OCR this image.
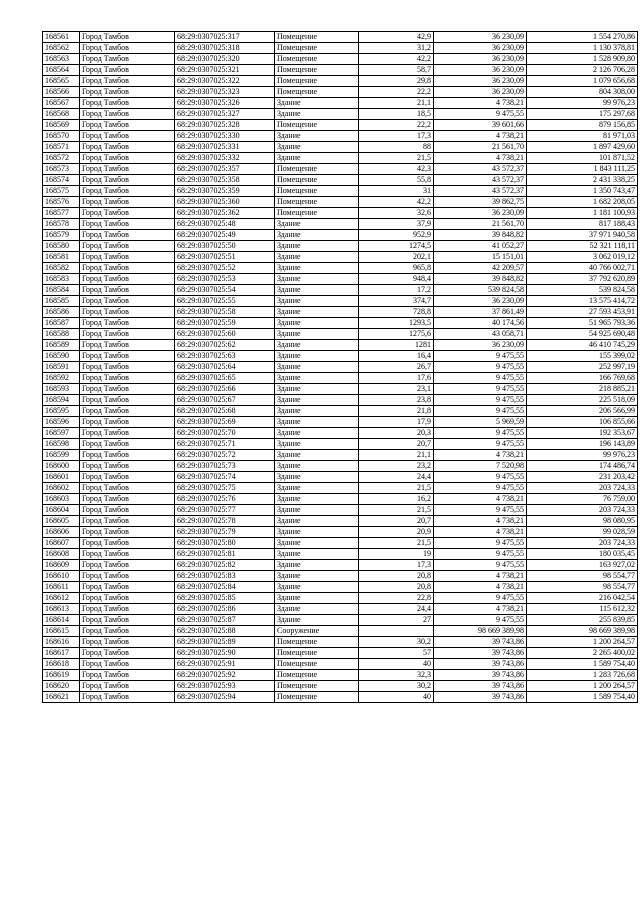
168561	Город Тамбов	68:29:0307025:317	Помещение	42,9	36 230,09	1 554 270,86
168562	Город Тамбов	68:29:0307025:318	Помещение	31,2	36 230,09	1 130 378,81
168563	Город Тамбов	68:29:0307025:320	Помещение	42,2	36 230,09	1 528 909,80
168564	Город Тамбов	68:29:0307025:321	Помещение	58,7	36 230,09	2 126 706,28
168565	Город Тамбов	68:29:0307025:322	Помещение	29,8	36 230,09	1 079 656,68
168566	Город Тамбов	68:29:0307025:323	Помещение	22,2	36 230,09	804 308,00
168567	Город Тамбов	68:29:0307025:326	Здание	21,1	4 738,21	99 976,23
168568	Город Тамбов	68:29:0307025:327	Здание	18,5	9 475,55	175 297,68
168569	Город Тамбов	68:29:0307025:328	Помещение	22,2	39 601,66	879 156,85
168570	Город Тамбов	68:29:0307025:330	Здание	17,3	4 738,21	81 971,03
168571	Город Тамбов	68:29:0307025:331	Здание	88	21 561,70	1 897 429,60
168572	Город Тамбов	68:29:0307025:332	Здание	21,5	4 738,21	101 871,52
168573	Город Тамбов	68:29:0307025:357	Помещение	42,3	43 572,37	1 843 111,25
168574	Город Тамбов	68:29:0307025:358	Помещение	55,8	43 572,37	2 431 338,25
168575	Город Тамбов	68:29:0307025:359	Помещение	31	43 572,37	1 350 743,47
168576	Город Тамбов	68:29:0307025:360	Помещение	42,2	39 862,75	1 682 208,05
168577	Город Тамбов	68:29:0307025:362	Помещение	32,6	36 230,09	1 181 100,93
168578	Город Тамбов	68:29:0307025:48	Здание	37,9	21 561,70	817 188,43
168579	Город Тамбов	68:29:0307025:49	Здание	952,9	39 848,82	37 971 940,58
168580	Город Тамбов	68:29:0307025:50	Здание	1274,5	41 052,27	52 321 118,11
168581	Город Тамбов	68:29:0307025:51	Здание	202,1	15 151,01	3 062 019,12
168582	Город Тамбов	68:29:0307025:52	Здание	965,8	42 209,57	40 766 002,71
168583	Город Тамбов	68:29:0307025:53	Здание	948,4	39 848,82	37 792 620,89
168584	Город Тамбов	68:29:0307025:54	Здание	17,2	539 824,58	539 824,58
168585	Город Тамбов	68:29:0307025:55	Здание	374,7	36 230,09	13 575 414,72
168586	Город Тамбов	68:29:0307025:58	Здание	728,8	37 861,49	27 593 453,91
168587	Город Тамбов	68:29:0307025:59	Здание	1293,5	40 174,56	51 965 793,36
168588	Город Тамбов	68:29:0307025:60	Здание	1275,6	43 058,71	54 925 690,48
168589	Город Тамбов	68:29:0307025:62	Здание	1281	36 230,09	46 410 745,29
168590	Город Тамбов	68:29:0307025:63	Здание	16,4	9 475,55	155 399,02
168591	Город Тамбов	68:29:0307025:64	Здание	26,7	9 475,55	252 997,19
168592	Город Тамбов	68:29:0307025:65	Здание	17,6	9 475,55	166 769,68
168593	Город Тамбов	68:29:0307025:66	Здание	23,1	9 475,55	218 885,21
168594	Город Тамбов	68:29:0307025:67	Здание	23,8	9 475,55	225 518,09
168595	Город Тамбов	68:29:0307025:68	Здание	21,8	9 475,55	206 566,99
168596	Город Тамбов	68:29:0307025:69	Здание	17,9	5 969,59	106 855,66
168597	Город Тамбов	68:29:0307025:70	Здание	20,3	9 475,55	192 353,67
168598	Город Тамбов	68:29:0307025:71	Здание	20,7	9 475,55	196 143,89
168599	Город Тамбов	68:29:0307025:72	Здание	21,1	4 738,21	99 976,23
168600	Город Тамбов	68:29:0307025:73	Здание	23,2	7 520,98	174 486,74
168601	Город Тамбов	68:29:0307025:74	Здание	24,4	9 475,55	231 203,42
168602	Город Тамбов	68:29:0307025:75	Здание	21,5	9 475,55	203 724,33
168603	Город Тамбов	68:29:0307025:76	Здание	16,2	4 738,21	76 759,00
168604	Город Тамбов	68:29:0307025:77	Здание	21,5	9 475,55	203 724,33
168605	Город Тамбов	68:29:0307025:78	Здание	20,7	4 738,21	98 080,95
168606	Город Тамбов	68:29:0307025:79	Здание	20,9	4 738,21	99 028,59
168607	Город Тамбов	68:29:0307025:80	Здание	21,5	9 475,55	203 724,33
168608	Город Тамбов	68:29:0307025:81	Здание	19	9 475,55	180 035,45
168609	Город Тамбов	68:29:0307025:82	Здание	17,3	9 475,55	163 927,02
168610	Город Тамбов	68:29:0307025:83	Здание	20,8	4 738,21	98 554,77
168611	Город Тамбов	68:29:0307025:84	Здание	20,8	4 738,21	98 554,77
168612	Город Тамбов	68:29:0307025:85	Здание	22,8	9 475,55	216 042,54
168613	Город Тамбов	68:29:0307025:86	Здание	24,4	4 738,21	115 612,32
168614	Город Тамбов	68:29:0307025:87	Здание	27	9 475,55	255 839,85
168615	Город Тамбов	68:29:0307025:88	Сооружение		98 669 389,98	98 669 389,98
168616	Город Тамбов	68:29:0307025:89	Помещение	30,2	39 743,86	1 200 264,57
168617	Город Тамбов	68:29:0307025:90	Помещение	57	39 743,86	2 265 400,02
168618	Город Тамбов	68:29:0307025:91	Помещение	40	39 743,86	1 589 754,40
168619	Город Тамбов	68:29:0307025:92	Помещение	32,3	39 743,86	1 283 726,68
168620	Город Тамбов	68:29:0307025:93	Помещение	30,2	39 743,86	1 200 264,57
168621	Город Тамбов	68:29:0307025:94	Помещение	40	39 743,86	1 589 754,40
